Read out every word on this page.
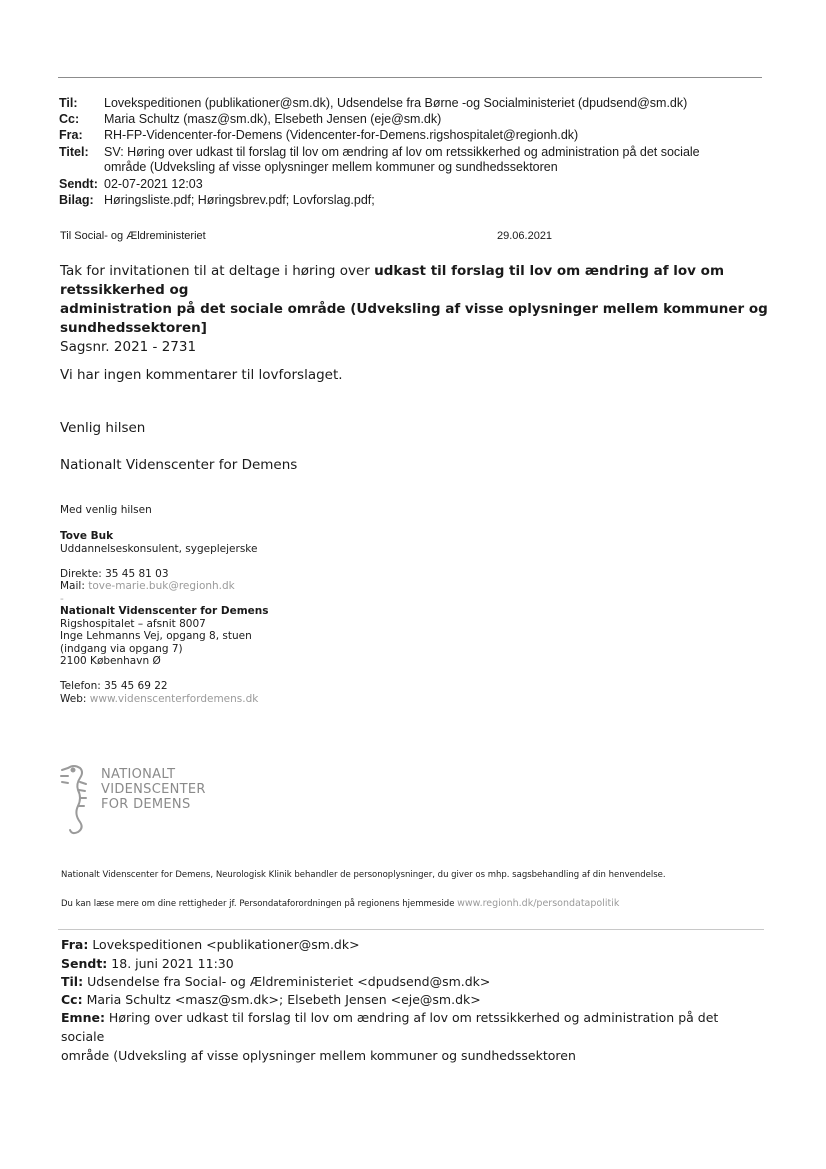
Til: Lovekspeditionen (publikationer@sm.dk), Udsendelse fra Børne -og Socialministeriet (dpudsend@sm.dk)
Cc: Maria Schultz (masz@sm.dk), Elsebeth Jensen (eje@sm.dk)
Fra: RH-FP-Videncenter-for-Demens (Videncenter-for-Demens.rigshospitalet@regionh.dk)
Titel: SV: Høring over udkast til forslag til lov om ændring af lov om retssikkerhed og administration på det sociale område (Udveksling af visse oplysninger mellem kommuner og sundhedssektoren
Sendt: 02-07-2021 12:03
Bilag: Høringsliste.pdf; Høringsbrev.pdf; Lovforslag.pdf;
Til Social- og Ældreministeriet	29.06.2021
Tak for invitationen til at deltage i høring over udkast til forslag til lov om ændring af lov om retssikkerhed og
administration på det sociale område (Udveksling af visse oplysninger mellem kommuner og sundhedssektoren]
Sagsnr. 2021 - 2731
Vi har ingen kommentarer til lovforslaget.
Venlig hilsen
Nationalt Videnscenter for Demens
Med venlig hilsen
Tove Buk
Uddannelseskonsulent, sygeplejerske

Direkte: 35 45 81 03
Mail: tove-marie.buk@regionh.dk
-
Nationalt Videnscenter for Demens
Rigshospitalet – afsnit 8007
Inge Lehmanns Vej, opgang 8, stuen
(indgang via opgang 7)
2100 København Ø

Telefon: 35 45 69 22
Web: www.videnscenterfordemens.dk
NATIONALT
VIDENSCENTER
FOR DEMENS
Nationalt Videnscenter for Demens, Neurologisk Klinik behandler de personoplysninger, du giver os mhp. sagsbehandling af din henvendelse.
Du kan læse mere om dine rettigheder jf. Persondataforordningen på regionens hjemmeside www.regionh.dk/persondatapolitik
Fra: Lovekspeditionen <publikationer@sm.dk>
Sendt: 18. juni 2021 11:30
Til: Udsendelse fra Social- og Ældreministeriet <dpudsend@sm.dk>
Cc: Maria Schultz <masz@sm.dk>; Elsebeth Jensen <eje@sm.dk>
Emne: Høring over udkast til forslag til lov om ændring af lov om retssikkerhed og administration på det sociale
område (Udveksling af visse oplysninger mellem kommuner og sundhedssektoren
